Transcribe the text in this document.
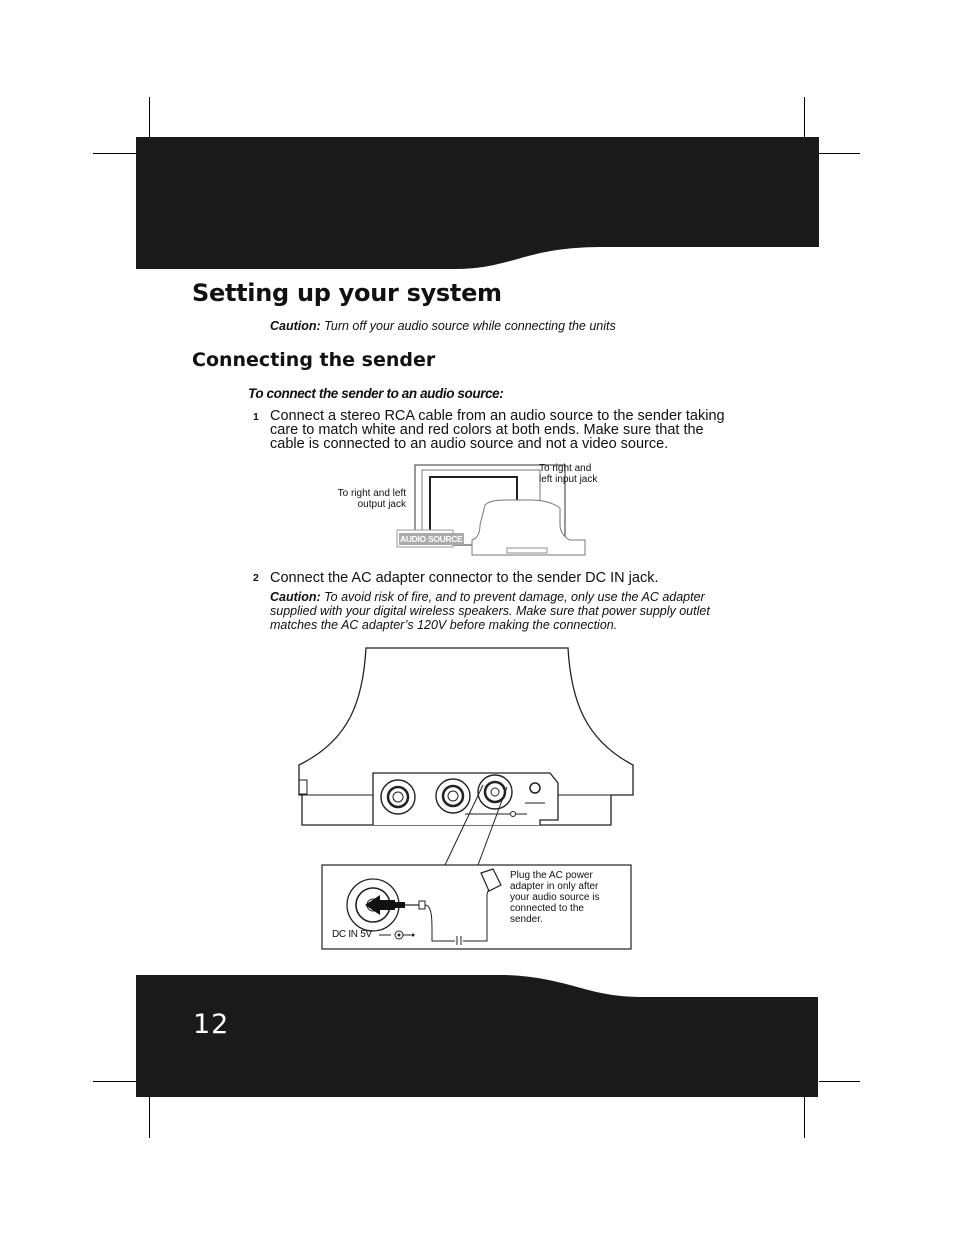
Setting up your system
Caution: Turn off your audio source while connecting the units
Connecting the sender
To connect the sender to an audio source:
1 Connect a stereo RCA cable from an audio source to the sender taking
care to match white and red colors at both ends. Make sure that the
cable is connected to an audio source and not a video source.
AUDIO SOURCE
To right and
left input jack
To right and left
output jack
2 Connect the AC adapter connector to the sender DC IN jack.
Caution: To avoid risk of fire, and to prevent damage, only use the AC adapter
supplied with your digital wireless speakers. Make sure that power supply outlet
matches the AC adapter’s 120V before making the connection.
DC IN 5V
Plug the AC power
adapter in only after
your audio source is
connected to the
sender.
12
